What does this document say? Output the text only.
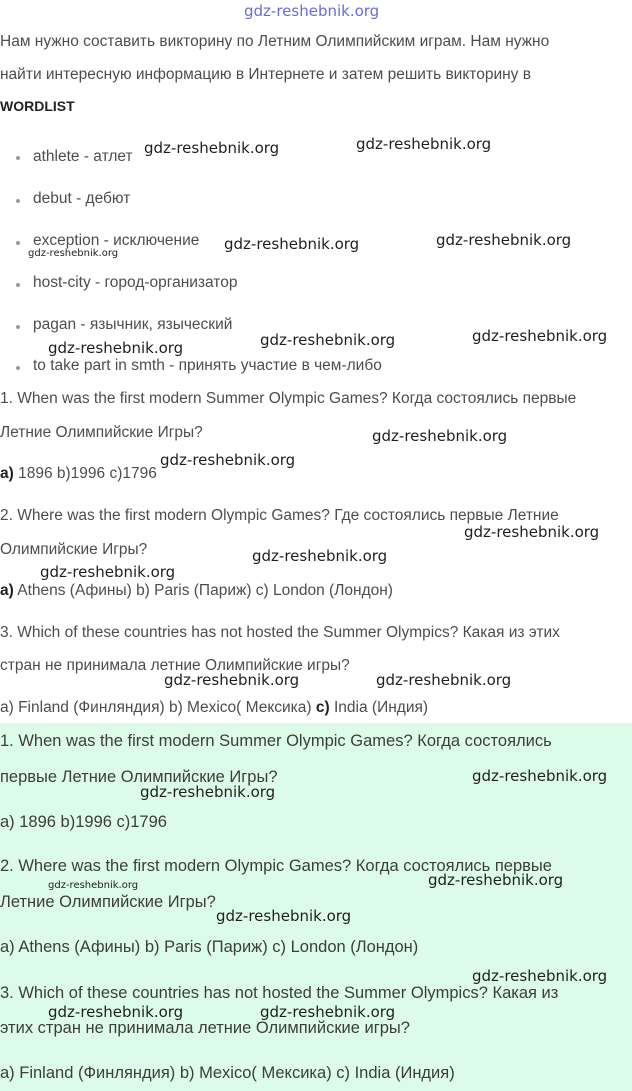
gdz-reshebnik.org
Нам нужно составить викторину по Летним Олимпийским играм. Нам нужно
найти интересную информацию в Интернете и затем решить викторину в
WORDLIST
athlete - атлет
debut - дебют
exception - исключение
host-city - город-организатор
pagan - язычник, языческий
to take part in smth - принять участие в чем-либо
1. When was the first modern Summer Olympic Games? Когда состоялись первые
Летние Олимпийские Игры?
a) 1896 b)1996 c)1796
2. Where was the first modern Olympic Games? Где состоялись первые Летние
Олимпийские Игры?
a) Athens (Афины) b) Paris (Париж) c) London (Лондон)
3. Which of these countries has not hosted the Summer Olympics? Какая из этих
стран не принимала летние Олимпийские игры?
a) Finland (Финляндия) b) Mexico( Мексика) c) India (Индия)
1. When was the first modern Summer Olympic Games? Когда состоялись
первые Летние Олимпийские Игры?
a) 1896 b)1996 c)1796
2. Where was the first modern Olympic Games? Когда состоялись первые
Летние Олимпийские Игры?
a) Athens (Афины) b) Paris (Париж) c) London (Лондон)
3. Which of these countries has not hosted the Summer Olympics? Какая из
этих стран не принимала летние Олимпийские игры?
a) Finland (Финляндия) b) Mexico( Мексика) c) India (Индия)
gdz-reshebnik.org	gdz-reshebnik.org
gdz-reshebnik.org	gdz-reshebnik.org
gdz-reshebnik.org
gdz-reshebnik.org	gdz-reshebnik.org
gdz-reshebnik.org
gdz-reshebnik.org
gdz-reshebnik.org
gdz-reshebnik.org
gdz-reshebnik.org
gdz-reshebnik.org
gdz-reshebnik.org	gdz-reshebnik.org
gdz-reshebnik.org
gdz-reshebnik.org
gdz-reshebnik.org
gdz-reshebnik.org
gdz-reshebnik.org
gdz-reshebnik.org
gdz-reshebnik.org	gdz-reshebnik.org
